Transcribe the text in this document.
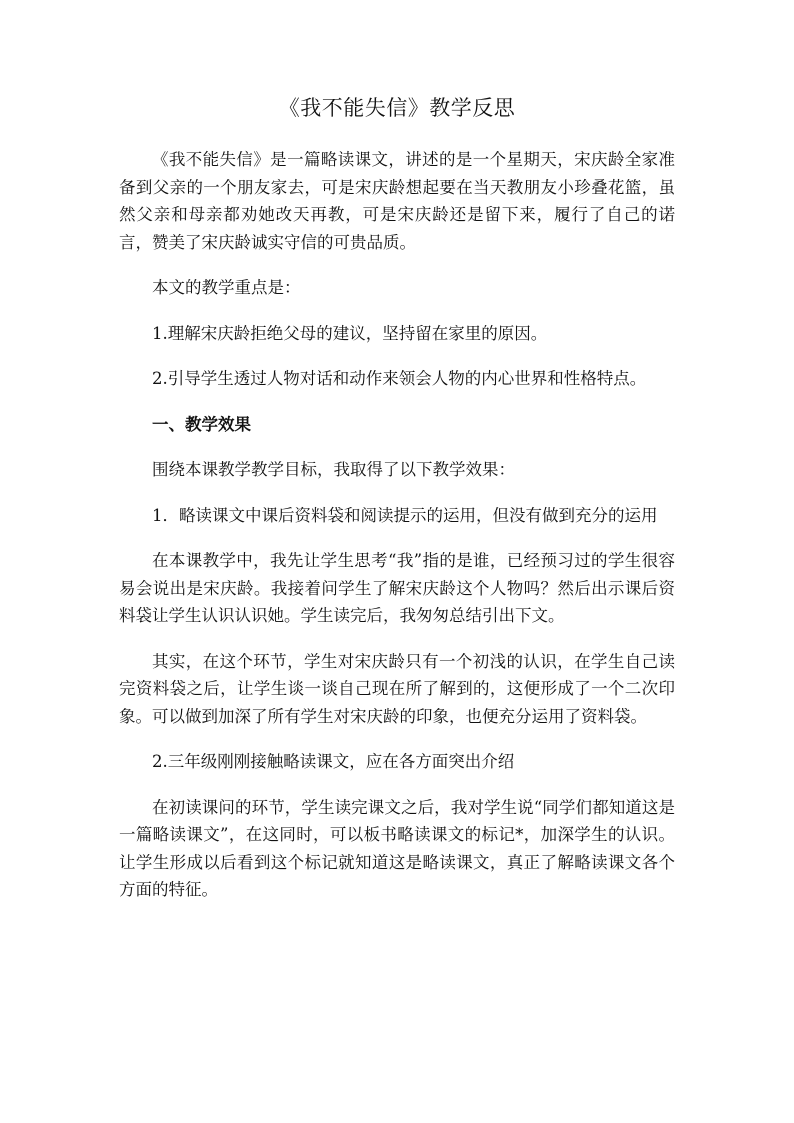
《我不能失信》教学反思

《我不能失信》是一篇略读课文，讲述的是一个星期天，宋庆龄全家准备到父亲的一个朋友家去，可是宋庆龄想起要在当天教朋友小珍叠花篮，虽然父亲和母亲都劝她改天再教，可是宋庆龄还是留下来，履行了自己的诺言，赞美了宋庆龄诚实守信的可贵品质。

本文的教学重点是：

1.理解宋庆龄拒绝父母的建议，坚持留在家里的原因。

2.引导学生透过人物对话和动作来领会人物的内心世界和性格特点。

一、教学效果

围绕本课教学教学目标，我取得了以下教学效果：

1．略读课文中课后资料袋和阅读提示的运用，但没有做到充分的运用

在本课教学中，我先让学生思考“我”指的是谁，已经预习过的学生很容易会说出是宋庆龄。我接着问学生了解宋庆龄这个人物吗？然后出示课后资料袋让学生认识认识她。学生读完后，我匆匆总结引出下文。

其实，在这个环节，学生对宋庆龄只有一个初浅的认识，在学生自己读完资料袋之后，让学生谈一谈自己现在所了解到的，这便形成了一个二次印象。可以做到加深了所有学生对宋庆龄的印象，也便充分运用了资料袋。

2.三年级刚刚接触略读课文，应在各方面突出介绍

在初读课问的环节，学生读完课文之后，我对学生说“同学们都知道这是一篇略读课文”，在这同时，可以板书略读课文的标记*，加深学生的认识。让学生形成以后看到这个标记就知道这是略读课文，真正了解略读课文各个方面的特征。
